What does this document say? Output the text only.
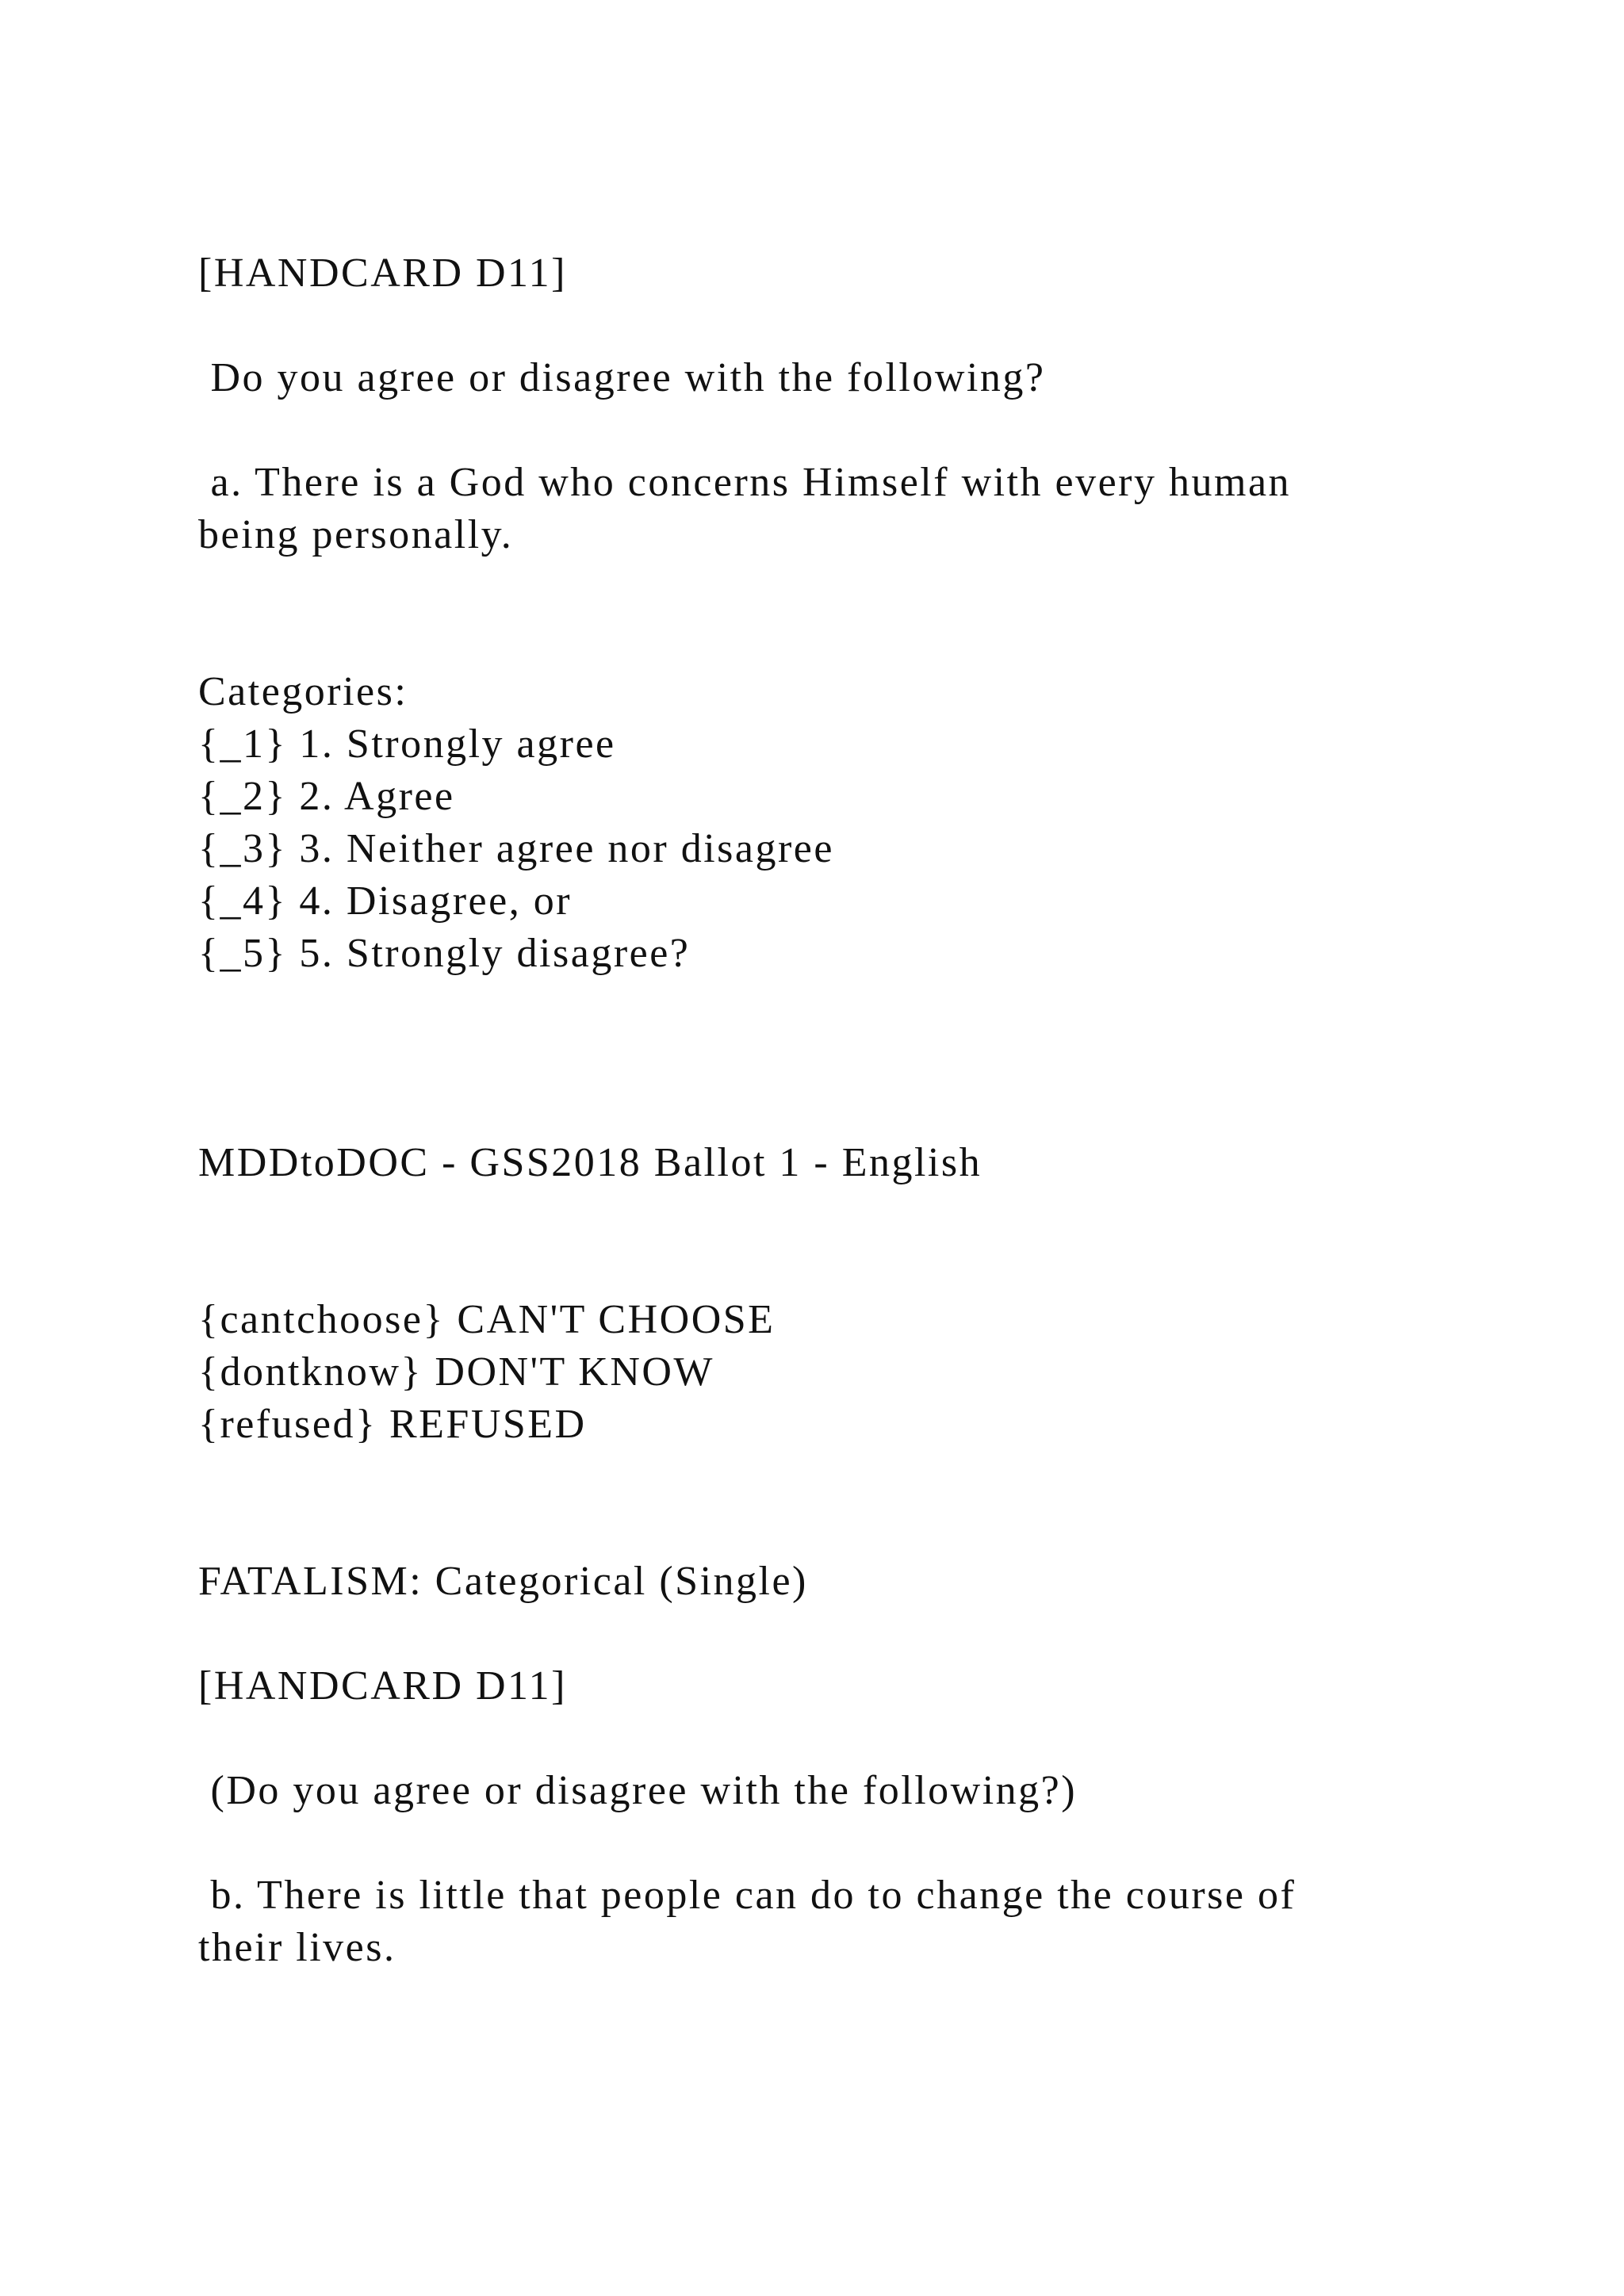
[HANDCARD D11]
Do you agree or disagree with the following?
a. There is a God who concerns Himself with every human
being personally.
Categories:
{_1} 1. Strongly agree
{_2} 2. Agree
{_3} 3. Neither agree nor disagree
{_4} 4. Disagree, or
{_5} 5. Strongly disagree?
MDDtoDOC - GSS2018 Ballot 1 - English
{cantchoose} CAN'T CHOOSE
{dontknow} DON'T KNOW
{refused} REFUSED
FATALISM: Categorical (Single)
[HANDCARD D11]
(Do you agree or disagree with the following?)
b. There is little that people can do to change the course of
their lives.
